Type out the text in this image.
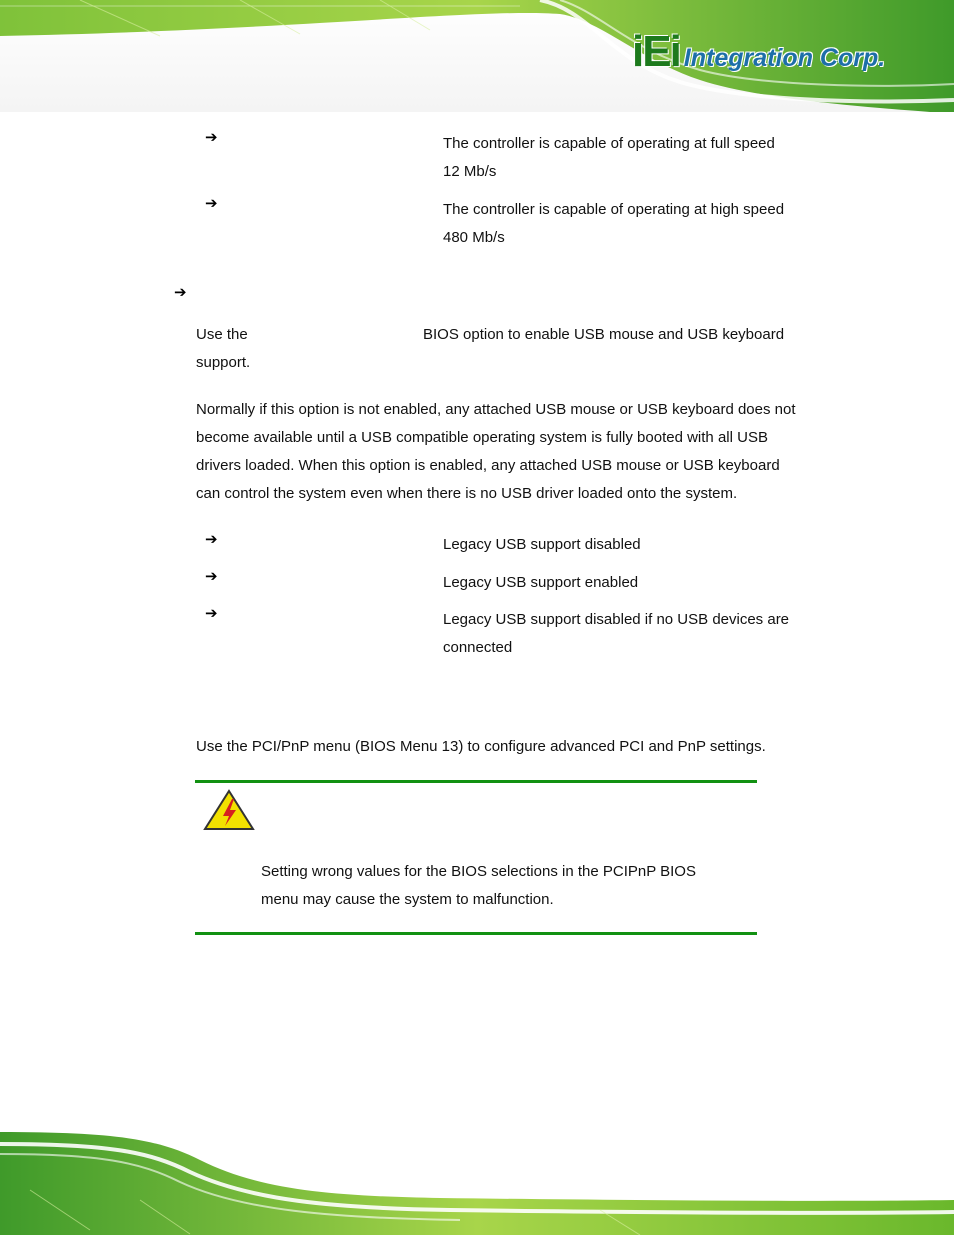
iEi Integration Corp.
➔	The controller is capable of operating at full speed
12 Mb/s
➔	The controller is capable of operating at high speed
480 Mb/s
➔
Use the	BIOS option to enable USB mouse and USB keyboard
support.
Normally if this option is not enabled, any attached USB mouse or USB keyboard does not
become available until a USB compatible operating system is fully booted with all USB
drivers loaded. When this option is enabled, any attached USB mouse or USB keyboard
can control the system even when there is no USB driver loaded onto the system.
➔	Legacy USB support disabled
➔	Legacy USB support enabled
➔	Legacy USB support disabled if no USB devices are
connected
Use the PCI/PnP menu (BIOS Menu 13) to configure advanced PCI and PnP settings.
Setting wrong values for the BIOS selections in the PCIPnP BIOS
menu may cause the system to malfunction.
